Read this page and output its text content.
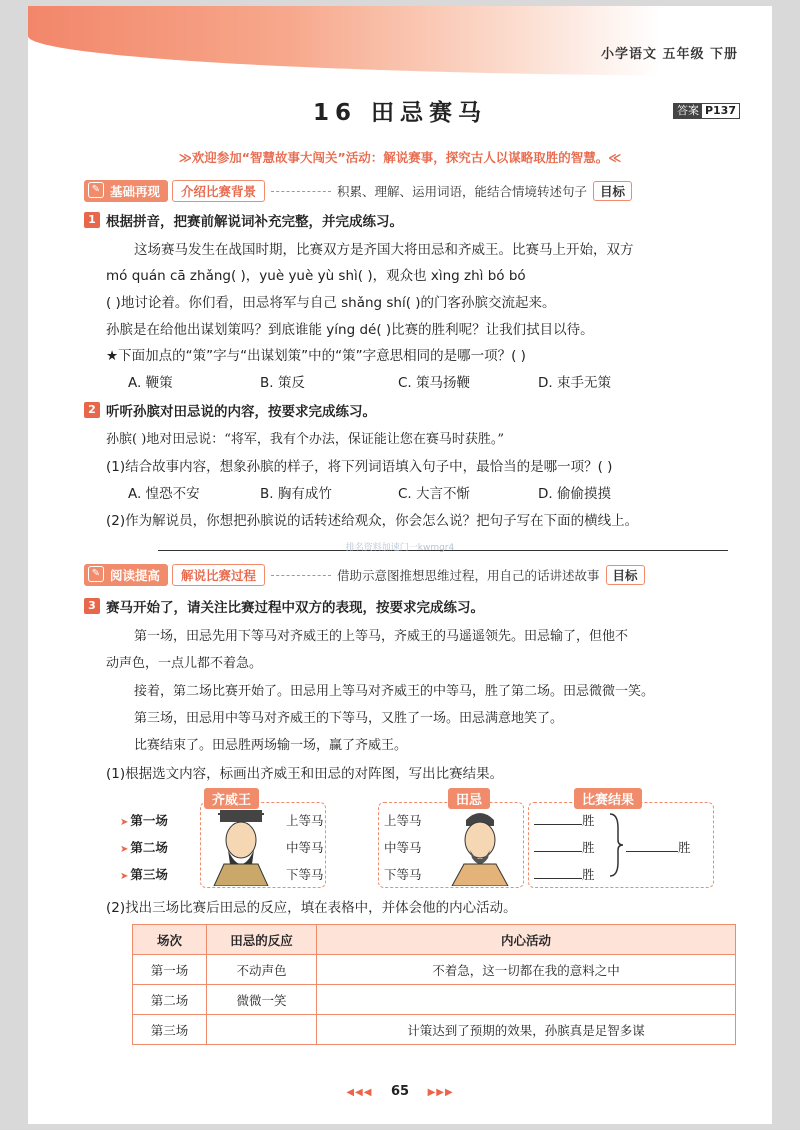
小学语文 五年级 下册
16 田忌赛马	答案 P137
≫欢迎参加“智慧故事大闯关”活动：解说赛事，探究古人以谋略取胜的智慧。≪
✎ 基础再现	介绍比赛背景	积累、理解、运用词语，能结合情境转述句子	目标
1 根据拼音，把赛前解说词补充完整，并完成练习。
这场赛马发生在战国时期，比赛双方是齐国大将田忌和齐威王。比赛马上开始，双方
mó quán cā zhǎng( )，yuè yuè yù shì( )，观众也 xìng zhì bó bó
( )地讨论着。你们看，田忌将军与自己 shǎng shí( )的门客孙膑交流起来。
孙膑是在给他出谋划策吗？到底谁能 yíng dé( )比赛的胜利呢？让我们拭目以待。
★下面加点的“策”字与“出谋划策”中的“策”字意思相同的是哪一项？( )
A. 鞭策	B. 策反	C. 策马扬鞭	D. 束手无策
2 听听孙膑对田忌说的内容，按要求完成练习。
孙膑( )地对田忌说：“将军，我有个办法，保证能让您在赛马时获胜。”
(1)结合故事内容，想象孙膑的样子，将下列词语填入句子中，最恰当的是哪一项？( )
A. 惶恐不安	B. 胸有成竹	C. 大言不惭	D. 偷偷摸摸
(2)作为解说员，你想把孙膑说的话转述给观众，你会怎么说？把句子写在下面的横线上。
排名资料加速门一kwmgr4
✎ 阅读提高	解说比赛过程	借助示意图推想思维过程，用自己的话讲述故事	目标
3 赛马开始了，请关注比赛过程中双方的表现，按要求完成练习。
第一场，田忌先用下等马对齐威王的上等马，齐威王的马遥遥领先。田忌输了，但他不
动声色，一点儿都不着急。
接着，第二场比赛开始了。田忌用上等马对齐威王的中等马，胜了第二场。田忌微微一笑。
第三场，田忌用中等马对齐威王的下等马，又胜了一场。田忌满意地笑了。
比赛结束了。田忌胜两场输一场，赢了齐威王。
(1)根据选文内容，标画出齐威王和田忌的对阵图，写出比赛结果。
➤ 第一场
➤ 第二场
➤ 第三场
齐威王
上等马
中等马
下等马
田忌
上等马
中等马
下等马
比赛结果
胜
胜
胜
胜
(2)找出三场比赛后田忌的反应，填在表格中，并体会他的内心活动。
场次	田忌的反应	内心活动
第一场	不动声色	不着急，这一切都在我的意料之中
第二场	微微一笑	
第三场		计策达到了预期的效果，孙膑真是足智多谋
◀◀◀ 65 ▶▶▶
